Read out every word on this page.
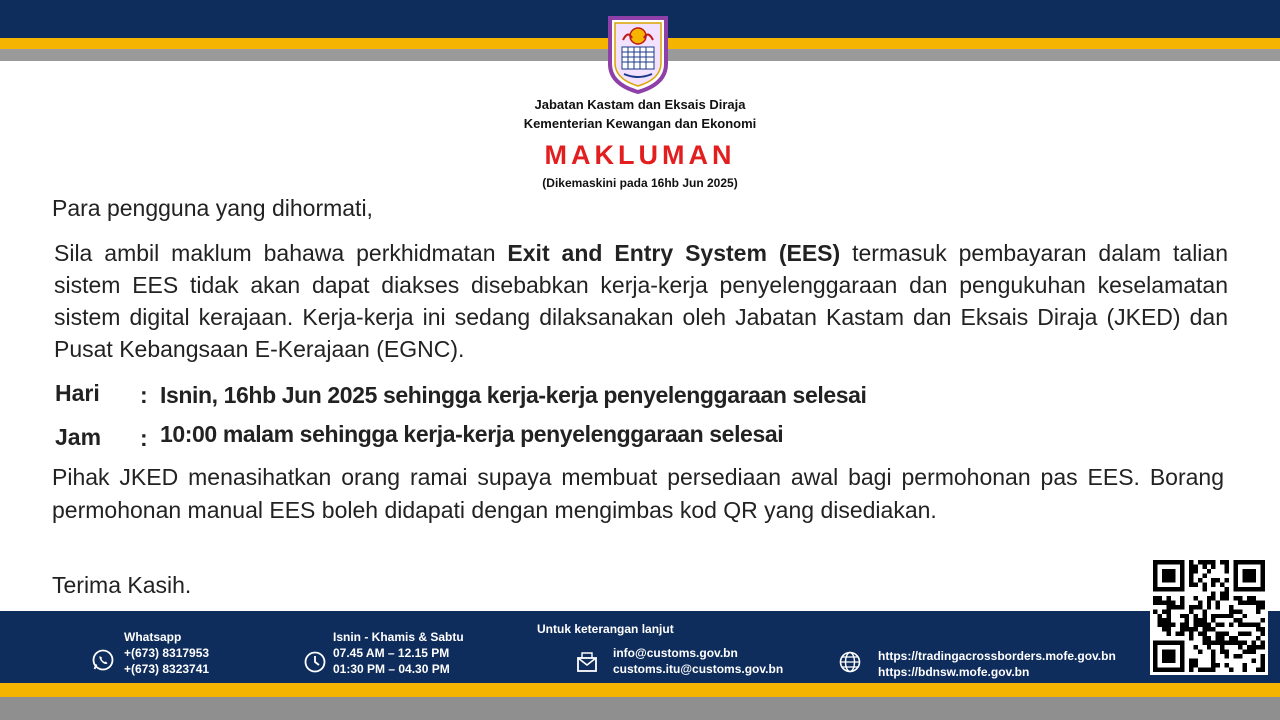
Jabatan Kastam dan Eksais Diraja
Kementerian Kewangan dan Ekonomi
MAKLUMAN
(Dikemaskini pada 16hb Jun 2025)
Para pengguna yang dihormati,
Sila ambil maklum bahawa perkhidmatan Exit and Entry System (EES) termasuk pembayaran dalam talian sistem EES tidak akan dapat diakses disebabkan kerja-kerja penyelenggaraan dan pengukuhan keselamatan sistem digital kerajaan. Kerja-kerja ini sedang dilaksanakan oleh Jabatan Kastam dan Eksais Diraja (JKED) dan Pusat Kebangsaan E-Kerajaan (EGNC).
Hari : Isnin, 16hb Jun 2025 sehingga kerja-kerja penyelenggaraan selesai
Jam : 10:00 malam sehingga kerja-kerja penyelenggaraan selesai
Pihak JKED menasihatkan orang ramai supaya membuat persediaan awal bagi permohonan pas EES. Borang permohonan manual EES boleh didapati dengan mengimbas kod QR yang disediakan.
Terima Kasih.
Untuk keterangan lanjut
Whatsapp
+(673) 8317953
+(673) 8323741
Isnin - Khamis & Sabtu
07.45 AM – 12.15 PM
01:30 PM – 04.30 PM
info@customs.gov.bn
customs.itu@customs.gov.bn
https://tradingacrossborders.mofe.gov.bn
https://bdnsw.mofe.gov.bn
